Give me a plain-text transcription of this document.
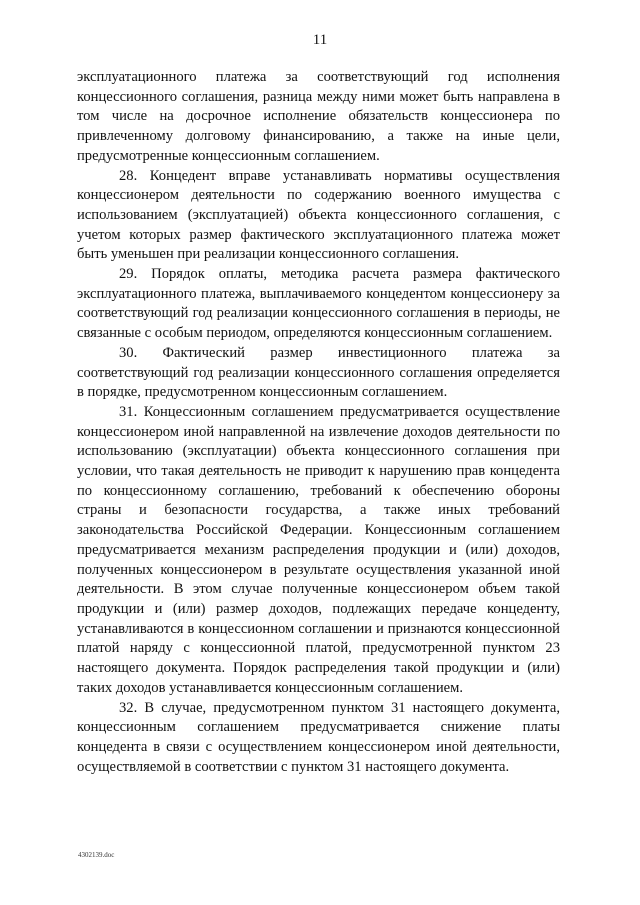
11

эксплуатационного платежа за соответствующий год исполнения концессионного соглашения, разница между ними может быть направлена в том числе на досрочное исполнение обязательств концессионера по привлеченному долговому финансированию, а также на иные цели, предусмотренные концессионным соглашением.

28. Концедент вправе устанавливать нормативы осуществления концессионером деятельности по содержанию военного имущества с использованием (эксплуатацией) объекта концессионного соглашения, с учетом которых размер фактического эксплуатационного платежа может быть уменьшен при реализации концессионного соглашения.

29. Порядок оплаты, методика расчета размера фактического эксплуатационного платежа, выплачиваемого концедентом концессионеру за соответствующий год реализации концессионного соглашения в периоды, не связанные с особым периодом, определяются концессионным соглашением.

30. Фактический размер инвестиционного платежа за соответствующий год реализации концессионного соглашения определяется в порядке, предусмотренном концессионным соглашением.

31. Концессионным соглашением предусматривается осуществление концессионером иной направленной на извлечение доходов деятельности по использованию (эксплуатации) объекта концессионного соглашения при условии, что такая деятельность не приводит к нарушению прав концедента по концессионному соглашению, требований к обеспечению обороны страны и безопасности государства, а также иных требований законодательства Российской Федерации. Концессионным соглашением предусматривается механизм распределения продукции и (или) доходов, полученных концессионером в результате осуществления указанной иной деятельности. В этом случае полученные концессионером объем такой продукции и (или) размер доходов, подлежащих передаче концеденту, устанавливаются в концессионном соглашении и признаются концессионной платой наряду с концессионной платой, предусмотренной пунктом 23 настоящего документа. Порядок распределения такой продукции и (или) таких доходов устанавливается концессионным соглашением.

32. В случае, предусмотренном пунктом 31 настоящего документа, концессионным соглашением предусматривается снижение платы концедента в связи с осуществлением концессионером иной деятельности, осуществляемой в соответствии с пунктом 31 настоящего документа.

4302139.doc
